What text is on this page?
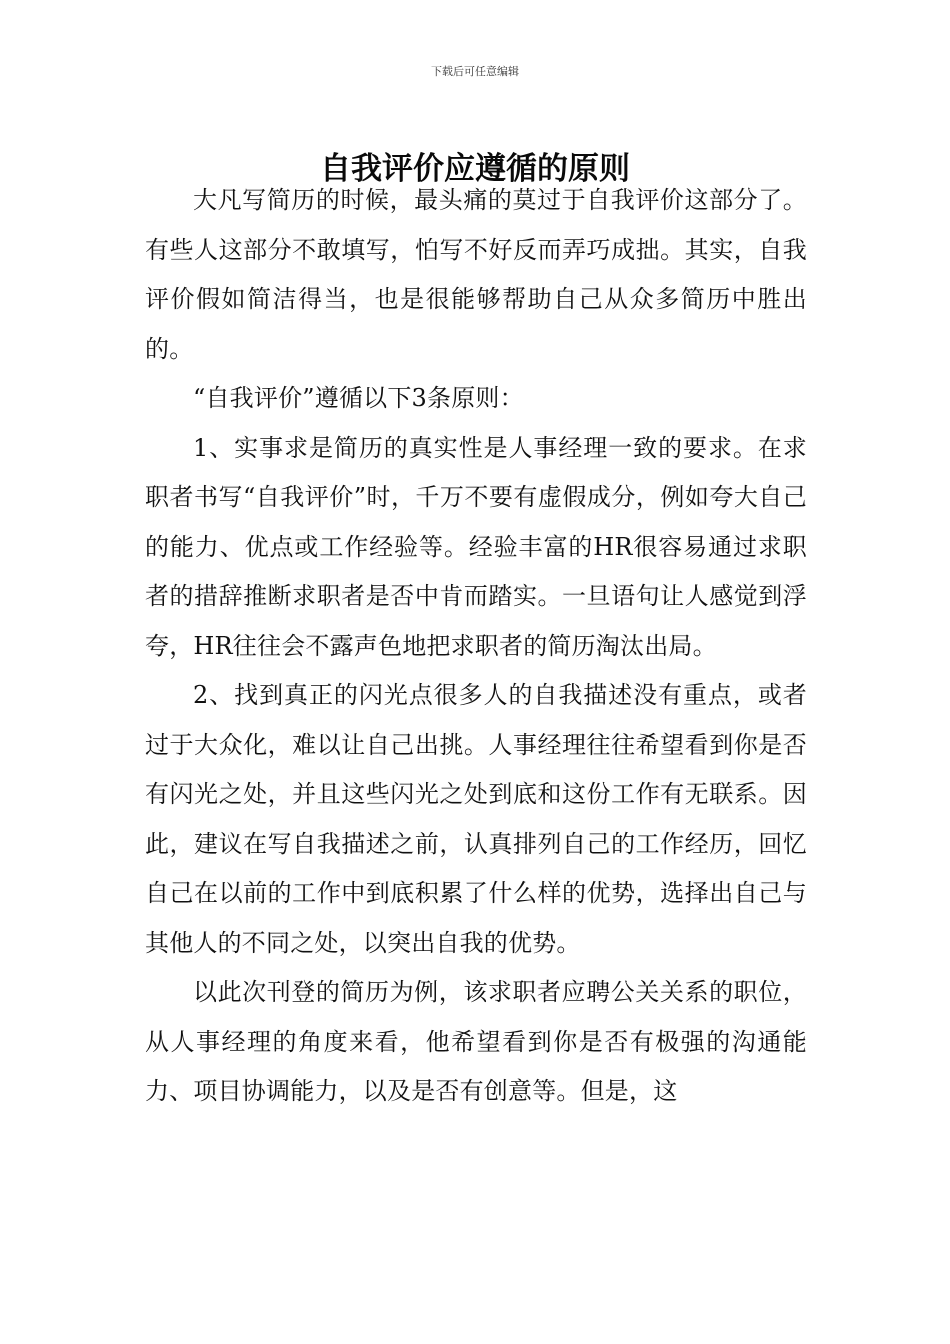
下载后可任意编辑
自我评价应遵循的原则

大凡写简历的时候，最头痛的莫过于自我评价这部分了。有些人这部分不敢填写，怕写不好反而弄巧成拙。其实，自我评价假如简洁得当，也是很能够帮助自己从众多简历中胜出的。

“自我评价”遵循以下3条原则：

1、实事求是简历的真实性是人事经理一致的要求。在求职者书写“自我评价”时，千万不要有虚假成分，例如夸大自己的能力、优点或工作经验等。经验丰富的HR很容易通过求职者的措辞推断求职者是否中肯而踏实。一旦语句让人感觉到浮夸，HR往往会不露声色地把求职者的简历淘汰出局。

2、找到真正的闪光点很多人的自我描述没有重点，或者过于大众化，难以让自己出挑。人事经理往往希望看到你是否有闪光之处，并且这些闪光之处到底和这份工作有无联系。因此，建议在写自我描述之前，认真排列自己的工作经历，回忆自己在以前的工作中到底积累了什么样的优势，选择出自己与其他人的不同之处，以突出自我的优势。

以此次刊登的简历为例，该求职者应聘公关关系的职位，从人事经理的角度来看，他希望看到你是否有极强的沟通能力、项目协调能力，以及是否有创意等。但是，这
